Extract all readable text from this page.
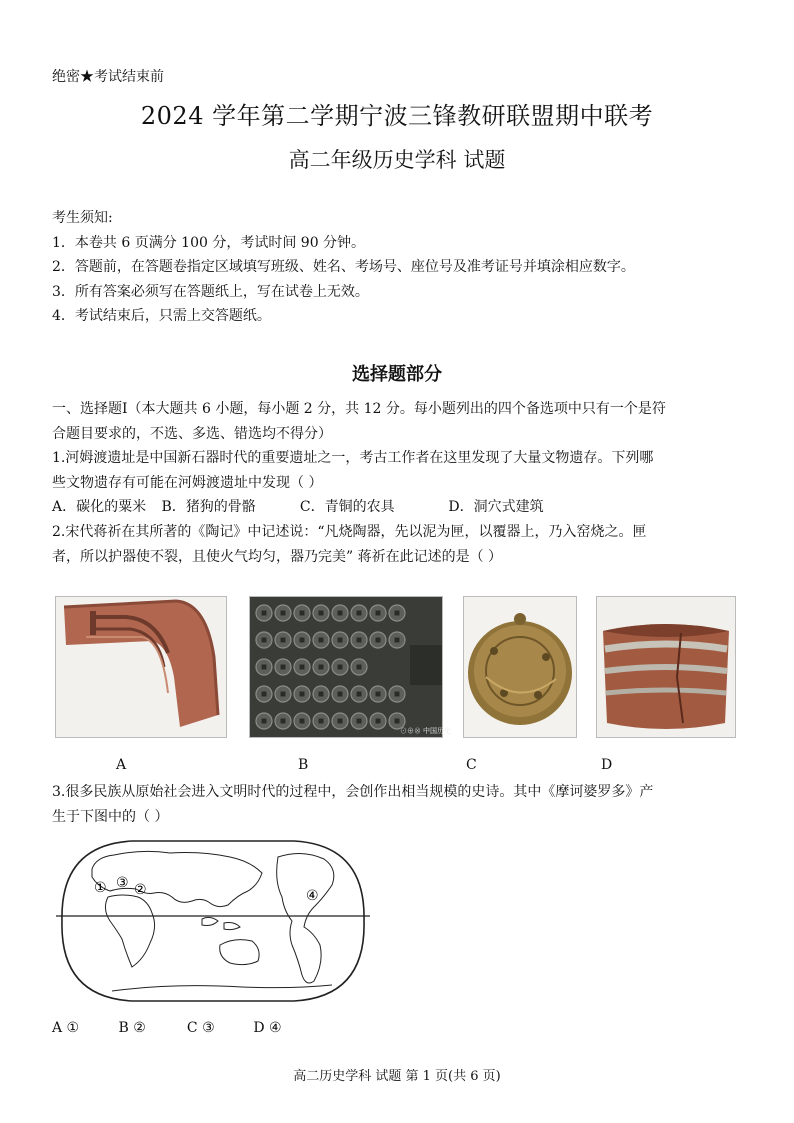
绝密★考试结束前
2024 学年第二学期宁波三锋教研联盟期中联考
高二年级历史学科 试题
考生须知:
1．本卷共 6 页满分 100 分，考试时间 90 分钟。
2．答题前，在答题卷指定区域填写班级、姓名、考场号、座位号及准考证号并填涂相应数字。
3．所有答案必须写在答题纸上，写在试卷上无效。
4．考试结束后，只需上交答题纸。
选择题部分
一、选择题Ⅰ（本大题共 6 小题，每小题 2 分，共 12 分。每小题列出的四个备选项中只有一个是符
合题目要求的，不选、多选、错选均不得分）
1.河姆渡遗址是中国新石器时代的重要遗址之一，考古工作者在这里发现了大量文物遗存。下列哪
些文物遗存有可能在河姆渡遗址中发现（ ）
A．碳化的粟米 B．猪狗的骨骼	C．青铜的农具	D．洞穴式建筑
2.宋代蒋祈在其所著的《陶记》中记述说：“凡烧陶器，先以泥为匣，以覆器上，乃入窑烧之。匣
者，所以护器使不裂，且使火气均匀，器乃完美” 蒋祈在此记述的是（ ）
⊙⊕⊗ 中国历史
A	B	C	D
3.很多民族从原始社会进入文明时代的过程中，会创作出相当规模的史诗。其中《摩诃婆罗多》产
生于下图中的（ ）
① ③ ②	④
A ①	B ②	C ③	D ④
高二历史学科 试题 第 1 页(共 6 页)
